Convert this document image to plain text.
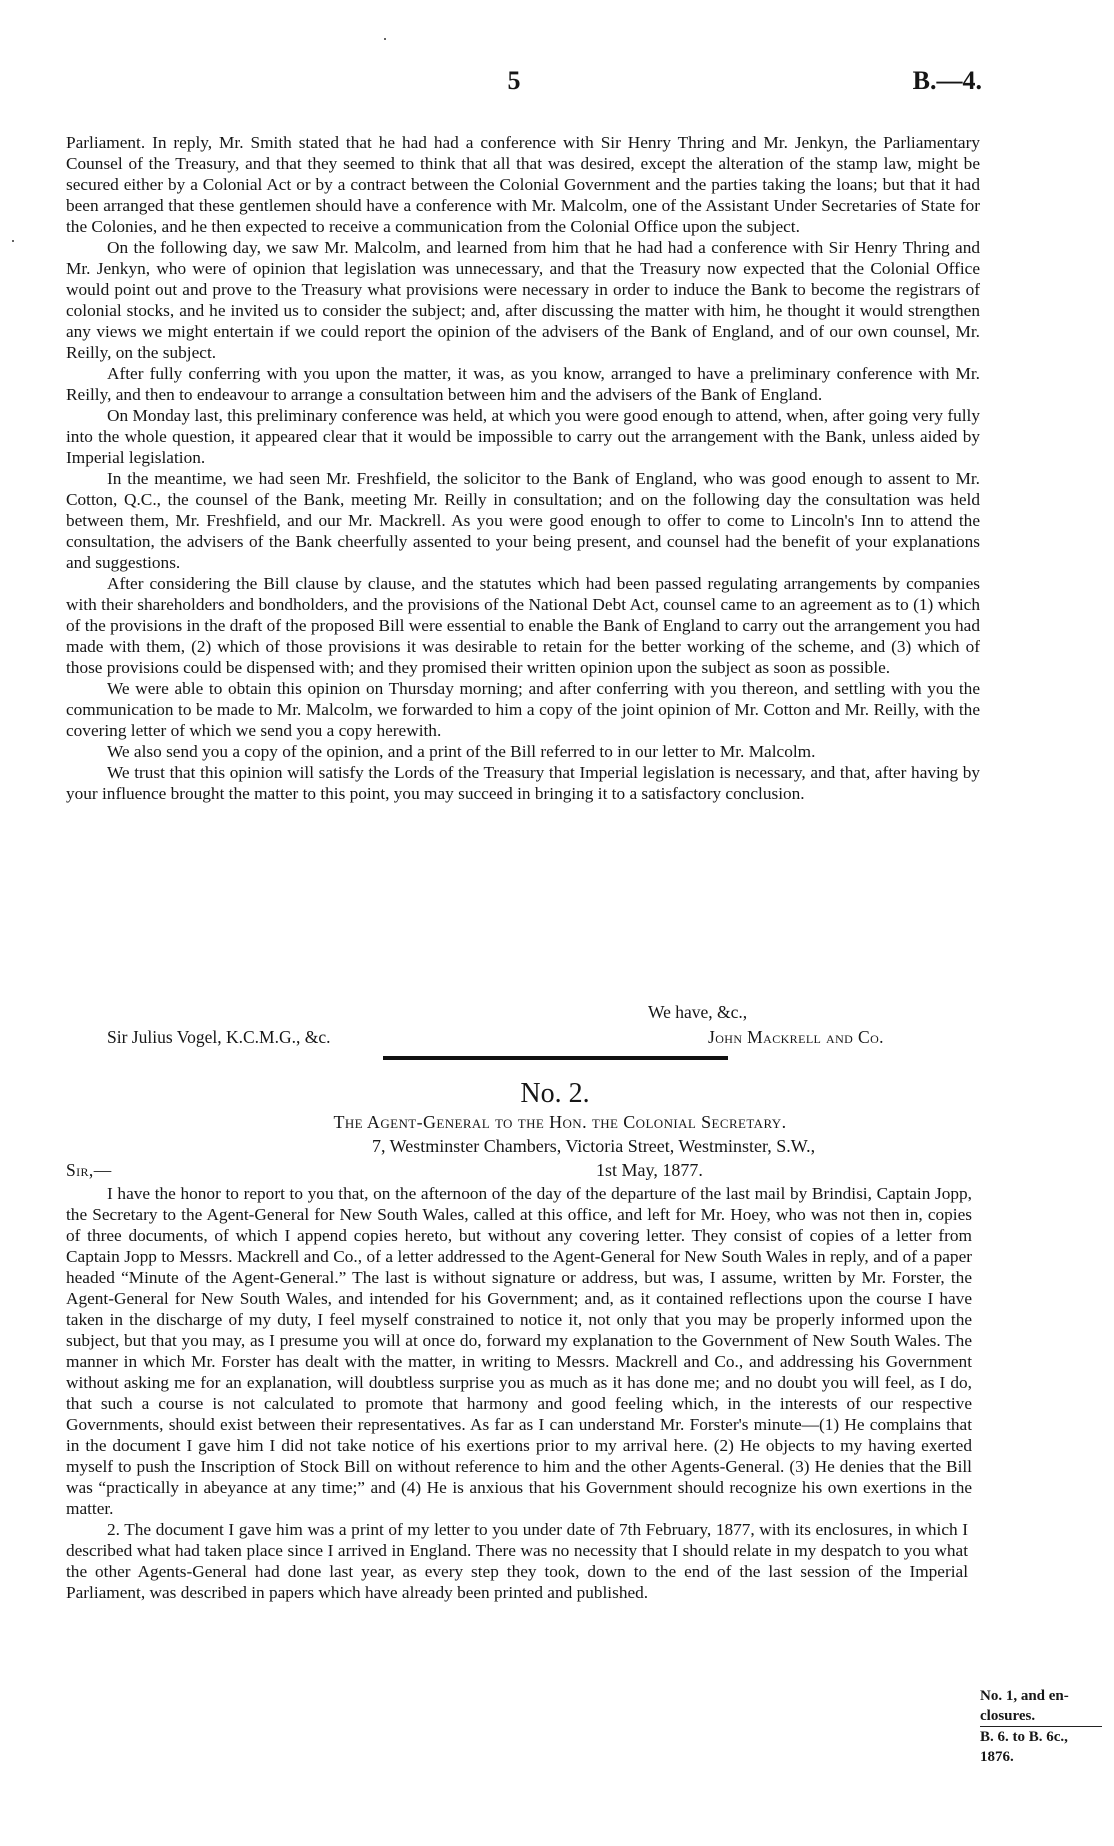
5	B.—4.

Parliament. In reply, Mr. Smith stated that he had had a conference with Sir Henry Thring and Mr. Jenkyn, the Parliamentary Counsel of the Treasury, and that they seemed to think that all that was desired, except the alteration of the stamp law, might be secured either by a Colonial Act or by a contract between the Colonial Government and the parties taking the loans; but that it had been arranged that these gentlemen should have a conference with Mr. Malcolm, one of the Assistant Under Secretaries of State for the Colonies, and he then expected to receive a communication from the Colonial Office upon the subject.

On the following day, we saw Mr. Malcolm, and learned from him that he had had a conference with Sir Henry Thring and Mr. Jenkyn, who were of opinion that legislation was unnecessary, and that the Treasury now expected that the Colonial Office would point out and prove to the Treasury what provisions were necessary in order to induce the Bank to become the registrars of colonial stocks, and he invited us to consider the subject; and, after discussing the matter with him, he thought it would strengthen any views we might entertain if we could report the opinion of the advisers of the Bank of England, and of our own counsel, Mr. Reilly, on the subject.

After fully conferring with you upon the matter, it was, as you know, arranged to have a preliminary conference with Mr. Reilly, and then to endeavour to arrange a consultation between him and the advisers of the Bank of England.

On Monday last, this preliminary conference was held, at which you were good enough to attend, when, after going very fully into the whole question, it appeared clear that it would be impossible to carry out the arrangement with the Bank, unless aided by Imperial legislation.

In the meantime, we had seen Mr. Freshfield, the solicitor to the Bank of England, who was good enough to assent to Mr. Cotton, Q.C., the counsel of the Bank, meeting Mr. Reilly in consultation; and on the following day the consultation was held between them, Mr. Freshfield, and our Mr. Mackrell. As you were good enough to offer to come to Lincoln's Inn to attend the consultation, the advisers of the Bank cheerfully assented to your being present, and counsel had the benefit of your explanations and suggestions.

After considering the Bill clause by clause, and the statutes which had been passed regulating arrangements by companies with their shareholders and bondholders, and the provisions of the National Debt Act, counsel came to an agreement as to (1) which of the provisions in the draft of the proposed Bill were essential to enable the Bank of England to carry out the arrangement you had made with them, (2) which of those provisions it was desirable to retain for the better working of the scheme, and (3) which of those provisions could be dispensed with; and they promised their written opinion upon the subject as soon as possible.

We were able to obtain this opinion on Thursday morning; and after conferring with you thereon, and settling with you the communication to be made to Mr. Malcolm, we forwarded to him a copy of the joint opinion of Mr. Cotton and Mr. Reilly, with the covering letter of which we send you a copy herewith.

We also send you a copy of the opinion, and a print of the Bill referred to in our letter to Mr. Malcolm.

We trust that this opinion will satisfy the Lords of the Treasury that Imperial legislation is necessary, and that, after having by your influence brought the matter to this point, you may succeed in bringing it to a satisfactory conclusion.

We have, &c.,
Sir Julius Vogel, K.C.M.G., &c.	John Mackrell and Co.
No. 2.
The Agent-General to the Hon. the Colonial Secretary.
7, Westminster Chambers, Victoria Street, Westminster, S.W.,
Sir,—	1st May, 1877.

I have the honor to report to you that, on the afternoon of the day of the departure of the last mail by Brindisi, Captain Jopp, the Secretary to the Agent-General for New South Wales, called at this office, and left for Mr. Hoey, who was not then in, copies of three documents, of which I append copies hereto, but without any covering letter. They consist of copies of a letter from Captain Jopp to Messrs. Mackrell and Co., of a letter addressed to the Agent-General for New South Wales in reply, and of a paper headed “Minute of the Agent-General.” The last is without signature or address, but was, I assume, written by Mr. Forster, the Agent-General for New South Wales, and intended for his Government; and, as it contained reflections upon the course I have taken in the discharge of my duty, I feel myself constrained to notice it, not only that you may be properly informed upon the subject, but that you may, as I presume you will at once do, forward my explanation to the Government of New South Wales. The manner in which Mr. Forster has dealt with the matter, in writing to Messrs. Mackrell and Co., and addressing his Government without asking me for an explanation, will doubtless surprise you as much as it has done me; and no doubt you will feel, as I do, that such a course is not calculated to promote that harmony and good feeling which, in the interests of our respective Governments, should exist between their representatives. As far as I can understand Mr. Forster's minute—(1) He complains that in the document I gave him I did not take notice of his exertions prior to my arrival here. (2) He objects to my having exerted myself to push the Inscription of Stock Bill on without reference to him and the other Agents-General. (3) He denies that the Bill was “practically in abeyance at any time;” and (4) He is anxious that his Government should recognize his own exertions in the matter.

2. The document I gave him was a print of my letter to you under date of 7th February, 1877, with its enclosures, in which I described what had taken place since I arrived in England. There was no necessity that I should relate in my despatch to you what the other Agents-General had done last year, as every step they took, down to the end of the last session of the Imperial Parliament, was described in papers which have already been printed and published.

No. 1, and en-
closures.
B. 6. to B. 6c.,
1876.
